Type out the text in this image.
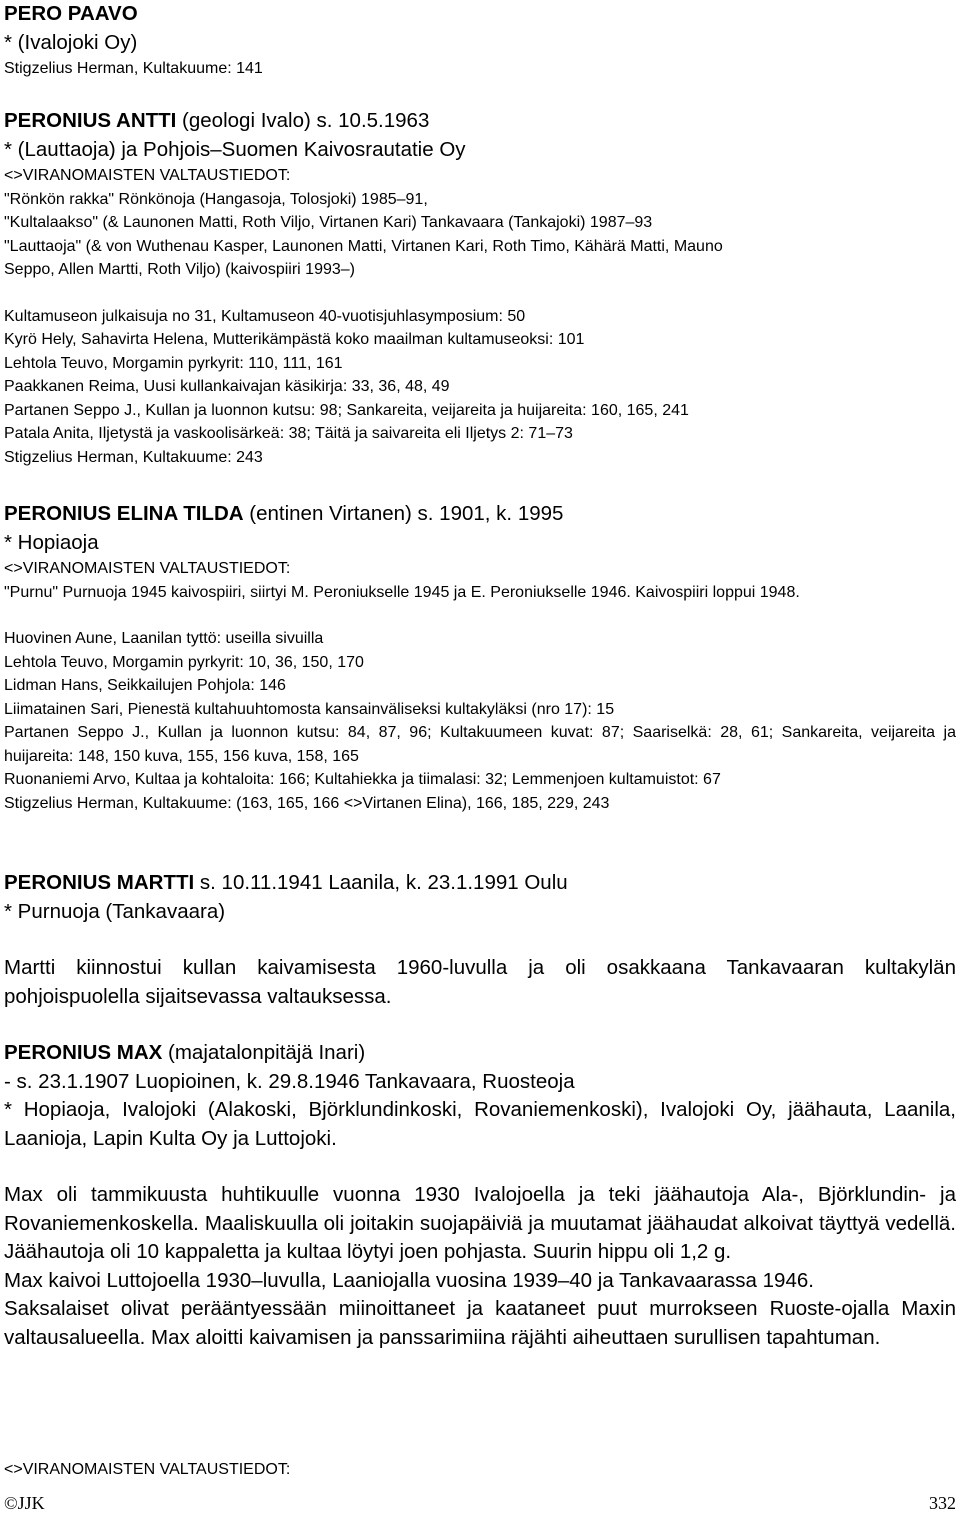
PERO PAAVO
* (Ivalojoki Oy)
Stigzelius Herman, Kultakuume: 141
PERONIUS ANTTI (geologi Ivalo) s. 10.5.1963
* (Lauttaoja) ja Pohjois–Suomen Kaivosrautatie Oy
<>VIRANOMAISTEN VALTAUSTIEDOT:
"Rönkön rakka" Rönkönoja (Hangasoja, Tolosjoki) 1985–91,
"Kultalaakso" (& Launonen Matti, Roth Viljo, Virtanen Kari) Tankavaara (Tankajoki) 1987–93
"Lauttaoja" (& von Wuthenau Kasper, Launonen Matti, Virtanen Kari, Roth Timo, Kähärä Matti, Mauno
Seppo, Allen Martti, Roth Viljo) (kaivospiiri 1993–)
Kultamuseon julkaisuja no 31, Kultamuseon 40-vuotisjuhlasymposium: 50
Kyrö Hely, Sahavirta Helena, Mutterikämpästä koko maailman kultamuseoksi: 101
Lehtola Teuvo, Morgamin pyrkyrit: 110, 111, 161
Paakkanen Reima, Uusi kullankaivajan käsikirja: 33, 36, 48, 49
Partanen Seppo J., Kullan ja luonnon kutsu: 98; Sankareita, veijareita ja huijareita: 160, 165, 241
Patala Anita, Iljetystä ja vaskoolisärkeä: 38; Täitä ja saivareita eli Iljetys 2: 71–73
Stigzelius Herman, Kultakuume: 243
PERONIUS ELINA TILDA (entinen Virtanen) s. 1901, k. 1995
* Hopiaoja
<>VIRANOMAISTEN VALTAUSTIEDOT:
"Purnu" Purnuoja 1945 kaivospiiri, siirtyi M. Peroniukselle 1945 ja E. Peroniukselle 1946. Kaivospiiri loppui 1948.
Huovinen Aune, Laanilan tyttö: useilla sivuilla
Lehtola Teuvo, Morgamin pyrkyrit: 10, 36, 150, 170
Lidman Hans, Seikkailujen Pohjola: 146
Liimatainen Sari, Pienestä kultahuuhtomosta kansainväliseksi kultakyläksi (nro 17): 15
Partanen Seppo J., Kullan ja luonnon kutsu: 84, 87, 96; Kultakuumeen kuvat: 87; Saariselkä: 28, 61; Sankareita, veijareita ja huijareita: 148, 150 kuva, 155, 156 kuva, 158, 165
Ruonaniemi Arvo, Kultaa ja kohtaloita: 166; Kultahiekka ja tiimalasi: 32; Lemmenjoen kultamuistot: 67
Stigzelius Herman, Kultakuume: (163, 165, 166 <>Virtanen Elina), 166, 185, 229, 243
PERONIUS MARTTI s. 10.11.1941 Laanila, k. 23.1.1991 Oulu
* Purnuoja (Tankavaara)
Martti kiinnostui kullan kaivamisesta 1960-luvulla ja oli osakkaana Tankavaaran kultakylän pohjoispuolella sijaitsevassa valtauksessa.
PERONIUS MAX (majatalonpitäjä Inari)
- s. 23.1.1907 Luopioinen, k. 29.8.1946 Tankavaara, Ruosteoja
* Hopiaoja, Ivalojoki (Alakoski, Björklundinkoski, Rovaniemenkoski), Ivalojoki Oy, jäähauta, Laanila, Laanioja, Lapin Kulta Oy ja Luttojoki.
Max oli tammikuusta huhtikuulle vuonna 1930 Ivalojoella ja teki jäähautoja Ala-, Björklundin- ja Rovaniemenkoskella. Maaliskuulla oli joitakin suojapäiviä ja muutamat jäähaudat alkoivat täyttyä vedellä. Jäähautoja oli 10 kappaletta ja kultaa löytyi joen pohjasta. Suurin hippu oli 1,2 g.
Max kaivoi Luttojoella 1930–luvulla, Laaniojalla vuosina 1939–40 ja Tankavaarassa 1946.
Saksalaiset olivat perääntyessään miinoittaneet ja kaataneet puut murrokseen Ruoste-ojalla Maxin valtausalueella. Max aloitti kaivamisen ja panssarimiina räjähti aiheuttaen surullisen tapahtuman.
<>VIRANOMAISTEN VALTAUSTIEDOT:
©JJK	332
